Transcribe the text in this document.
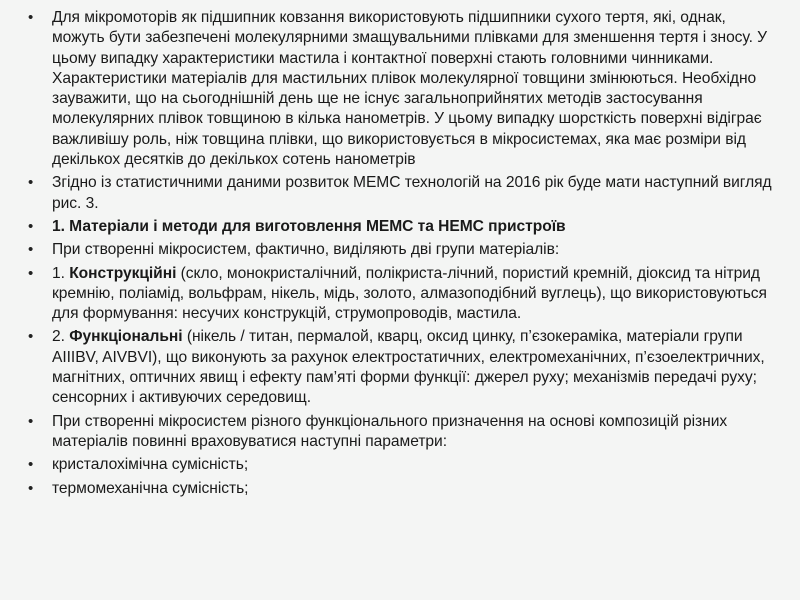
• Для мікромоторів як підшипник ковзання використовують підшипники сухого тертя, які, однак, можуть бути забезпечені молекулярними змащувальними плівками для зменшення тертя і зносу. У цьому випадку характеристики мастила і контактної поверхні стають головними чинниками. Характеристики матеріалів для мастильних плівок молекулярної товщини змінюються. Необхідно зауважити, що на сьогоднішній день ще не існує загальноприйнятих методів застосування молекулярних плівок товщиною в кілька нанометрів. У цьому випадку шорсткість поверхні відіграє важливішу роль, ніж товщина плівки, що використовується в мікросистемах, яка має розміри від декількох десятків до декількох сотень нанометрів
• Згідно із статистичними даними розвиток МЕМС технологій на 2016 рік буде мати наступний вигляд рис. 3.
• 1. Матеріали і методи для виготовлення МЕМС та НЕМС пристроїв
• При створенні мікросистем, фактично, виділяють дві групи матеріалів:
• 1. Конструкційні (скло, монокристалічний, полікриста-лічний, пористий кремній, діоксид та нітрид кремнію, поліамід, вольфрам, нікель, мідь, золото, алмазоподібний вуглець), що використовуються для формування: несучих конструкцій, струмопроводів, мастила.
• 2. Функціональні (нікель / титан, пермалой, кварц, оксид цинку, п’єзокераміка, матеріали групи AIIIBV, AIVBVI), що виконують за рахунок електростатичних, електромеханічних, п’єзоелектричних, магнітних, оптичних явищ і ефекту пам’яті форми функції: джерел руху; механізмів передачі руху; сенсорних і активуючих середовищ.
• При створенні мікросистем різного функціонального призначення на основі композицій різних матеріалів повинні враховуватися наступні параметри:
• кристалохімічна сумісність;
• термомеханічна сумісність;
